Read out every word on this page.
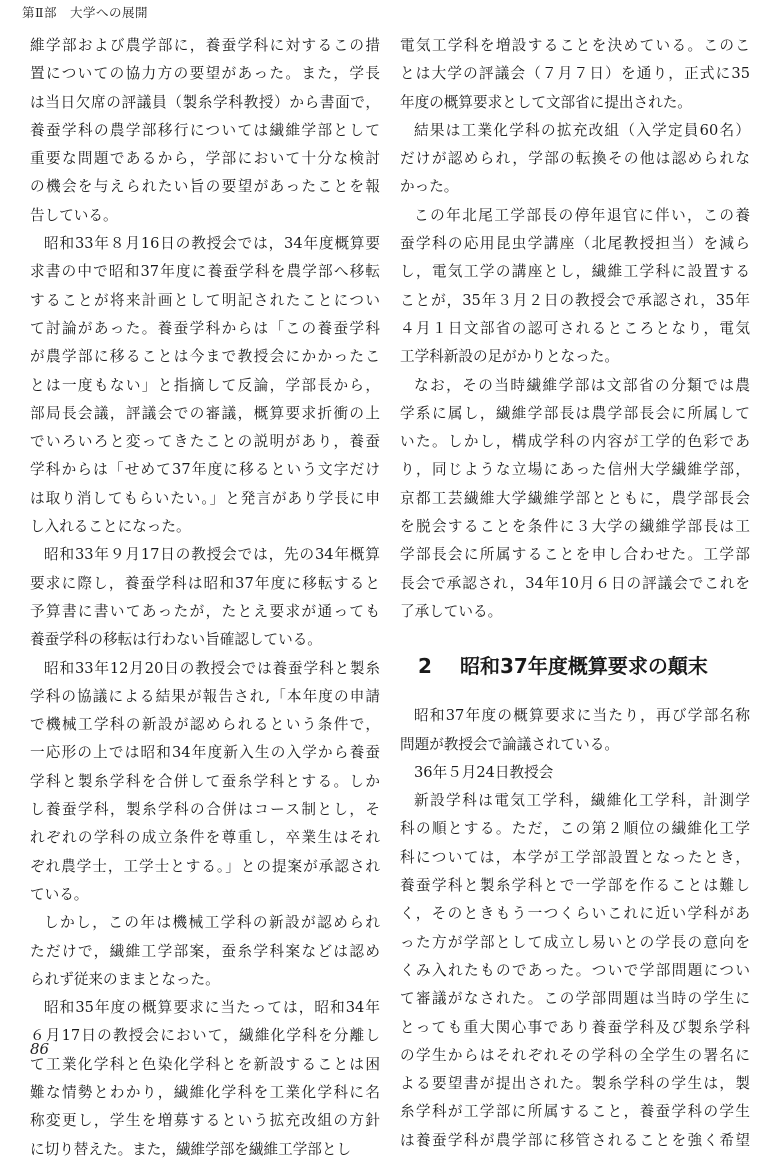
第Ⅱ部　大学への展開
維学部および農学部に，養蚕学科に対するこの措
置についての協力方の要望があった。また，学長
は当日欠席の評議員（製糸学科教授）から書面で，
養蚕学科の農学部移行については繊維学部として
重要な問題であるから，学部において十分な検討
の機会を与えられたい旨の要望があったことを報
告している。
昭和33年８月16日の教授会では，34年度概算要
求書の中で昭和37年度に養蚕学科を農学部へ移転
することが将来計画として明記されたことについ
て討論があった。養蚕学科からは「この養蚕学科
が農学部に移ることは今まで教授会にかかったこ
とは一度もない」と指摘して反論，学部長から，
部局長会議，評議会での審議，概算要求折衝の上
でいろいろと変ってきたことの説明があり，養蚕
学科からは「せめて37年度に移るという文字だけ
は取り消してもらいたい。」と発言があり学長に申
し入れることになった。
昭和33年９月17日の教授会では，先の34年概算
要求に際し，養蚕学科は昭和37年度に移転すると
予算書に書いてあったが，たとえ要求が通っても
養蚕学科の移転は行わない旨確認している。
昭和33年12月20日の教授会では養蚕学科と製糸
学科の協議による結果が報告され,「本年度の申請
で機械工学科の新設が認められるという条件で，
一応形の上では昭和34年度新入生の入学から養蚕
学科と製糸学科を合併して蚕糸学科とする。しか
し養蚕学科，製糸学科の合併はコース制とし，そ
れぞれの学科の成立条件を尊重し，卒業生はそれ
ぞれ農学士，工学士とする。」との提案が承認され
ている。
しかし，この年は機械工学科の新設が認められ
ただけで，繊維工学部案，蚕糸学科案などは認め
られず従来のままとなった。
昭和35年度の概算要求に当たっては，昭和34年
６月17日の教授会において，繊維化学科を分離し
て工業化学科と色染化学科とを新設することは困
難な情勢とわかり，繊維化学科を工業化学科に名
称変更し，学生を増募するという拡充改組の方針
に切り替えた。また，繊維学部を繊維工学部とし
電気工学科を増設することを決めている。このこ
とは大学の評議会（７月７日）を通り，正式に35
年度の概算要求として文部省に提出された。
結果は工業化学科の拡充改組（入学定員60名）
だけが認められ，学部の転換その他は認められな
かった。
この年北尾工学部長の停年退官に伴い，この養
蚕学科の応用昆虫学講座（北尾教授担当）を減ら
し，電気工学の講座とし，繊維工学科に設置する
ことが，35年３月２日の教授会で承認され，35年
４月１日文部省の認可されるところとなり，電気
工学科新設の足がかりとなった。
なお，その当時繊維学部は文部省の分類では農
学系に属し，繊維学部長は農学部長会に所属して
いた。しかし，構成学科の内容が工学的色彩であ
り，同じような立場にあった信州大学繊維学部，
京都工芸繊維大学繊維学部とともに，農学部長会
を脱会することを条件に３大学の繊維学部長は工
学部長会に所属することを申し合わせた。工学部
長会で承認され，34年10月６日の評議会でこれを
了承している。
2 昭和37年度概算要求の顛末
昭和37年度の概算要求に当たり，再び学部名称
問題が教授会で論議されている。
36年５月24日教授会
新設学科は電気工学科，繊維化工学科，計測学
科の順とする。ただ，この第２順位の繊維化工学
科については，本学が工学部設置となったとき，
養蚕学科と製糸学科とで一学部を作ることは難し
く，そのときもう一つくらいこれに近い学科があ
った方が学部として成立し易いとの学長の意向を
くみ入れたものであった。ついで学部問題につい
て審議がなされた。この学部問題は当時の学生に
とっても重大関心事であり養蚕学科及び製糸学科
の学生からはそれぞれその学科の全学生の署名に
よる要望書が提出された。製糸学科の学生は，製
糸学科が工学部に所属すること，養蚕学科の学生
は養蚕学科が農学部に移管されることを強く希望
86
